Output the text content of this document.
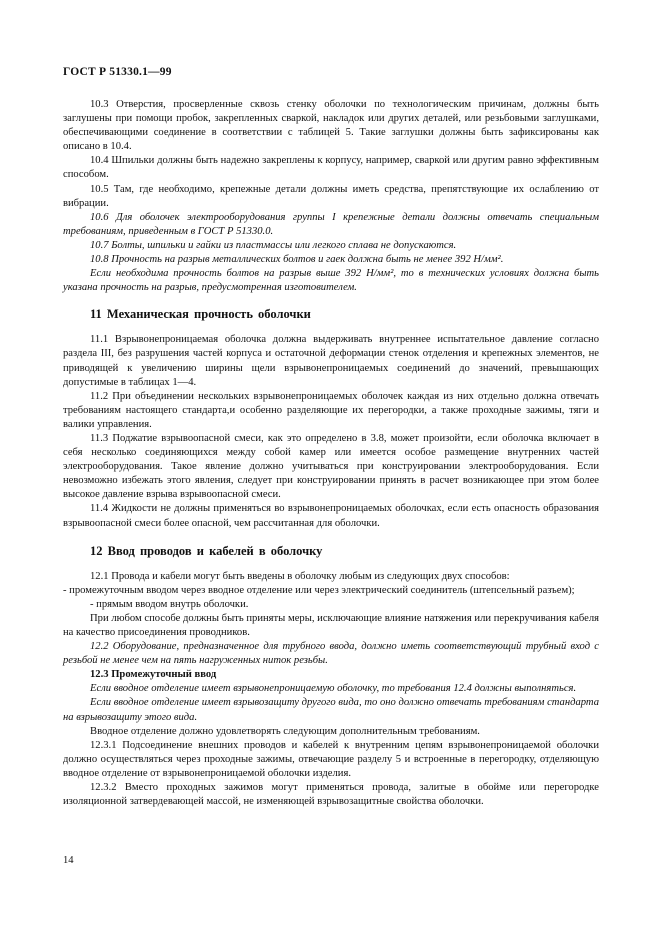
ГОСТ Р 51330.1—99

10.3 Отверстия, просверленные сквозь стенку оболочки по технологическим причинам, должны быть заглушены при помощи пробок, закрепленных сваркой, накладок или других деталей, или резьбовыми заглушками, обеспечивающими соединение в соответствии с таблицей 5. Такие заглушки должны быть зафиксированы как описано в 10.4.

10.4 Шпильки должны быть надежно закреплены к корпусу, например, сваркой или другим равно эффективным способом.

10.5 Там, где необходимо, крепежные детали должны иметь средства, препятствующие их ослаблению от вибрации.

10.6 Для оболочек электрооборудования группы I крепежные детали должны отвечать специальным требованиям, приведенным в ГОСТ Р 51330.0.

10.7 Болты, шпильки и гайки из пластмассы или легкого сплава не допускаются.

10.8 Прочность на разрыв металлических болтов и гаек должна быть не менее 392 Н/мм².

Если необходима прочность болтов на разрыв выше 392 Н/мм², то в технических условиях должна быть указана прочность на разрыв, предусмотренная изготовителем.

11 Механическая прочность оболочки

11.1 Взрывонепроницаемая оболочка должна выдерживать внутреннее испытательное давление согласно раздела III, без разрушения частей корпуса и остаточной деформации стенок отделения и крепежных элементов, не приводящей к увеличению ширины щели взрывонепроницаемых соединений до значений, превышающих допустимые в таблицах 1—4.

11.2 При объединении нескольких взрывонепроницаемых оболочек каждая из них отдельно должна отвечать требованиям настоящего стандарта,и особенно разделяющие их перегородки, а также проходные зажимы, тяги и валики управления.

11.3 Поджатие взрывоопасной смеси, как это определено в 3.8, может произойти, если оболочка включает в себя несколько соединяющихся между собой камер или имеется особое размещение внутренних частей электрооборудования. Такое явление должно учитываться при конструировании электрооборудования. Если невозможно избежать этого явления, следует при конструировании принять в расчет возникающее при этом более высокое давление взрыва взрывоопасной смеси.

11.4 Жидкости не должны применяться во взрывонепроницаемых оболочках, если есть опасность образования взрывоопасной смеси более опасной, чем рассчитанная для оболочки.

12 Ввод проводов и кабелей в оболочку

12.1 Провода и кабели могут быть введены в оболочку любым из следующих двух способов:

- промежуточным вводом через вводное отделение или через электрический соединитель (штепсельный разъем);

- прямым вводом внутрь оболочки.

При любом способе должны быть приняты меры, исключающие влияние натяжения или перекручивания кабеля на качество присоединения проводников.

12.2 Оборудование, предназначенное для трубного ввода, должно иметь соответствующий трубный вход с резьбой не менее чем на пять нагруженных ниток резьбы.

12.3 Промежуточный ввод

Если вводное отделение имеет взрывонепроницаемую оболочку, то требования 12.4 должны выполняться.

Если вводное отделение имеет взрывозащиту другого вида, то оно должно отвечать требованиям стандарта на взрывозащиту этого вида.

Вводное отделение должно удовлетворять следующим дополнительным требованиям.

12.3.1 Подсоединение внешних проводов и кабелей к внутренним цепям взрывонепроницаемой оболочки должно осуществляться через проходные зажимы, отвечающие разделу 5 и встроенные в перегородку, отделяющую вводное отделение от взрывонепроницаемой оболочки изделия.

12.3.2 Вместо проходных зажимов могут применяться провода, залитые в обойме или перегородке изоляционной затвердевающей массой, не изменяющей взрывозащитные свойства оболочки.

14
